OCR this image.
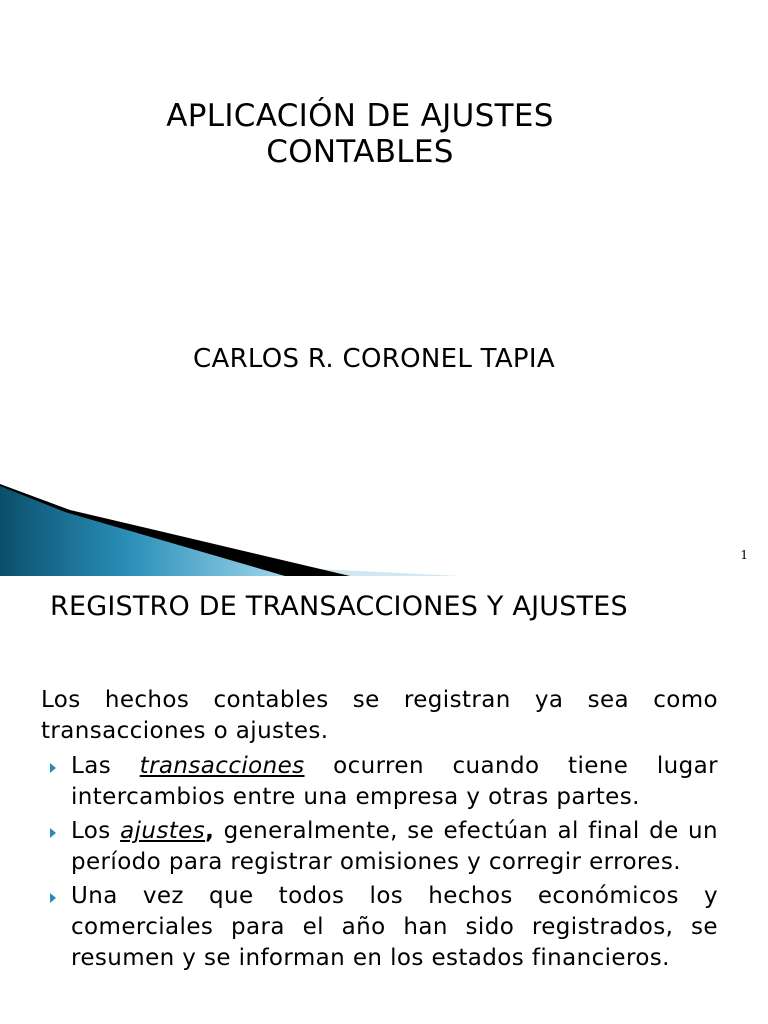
APLICACIÓN DE AJUSTES
CONTABLES
CARLOS R. CORONEL TAPIA
1
REGISTRO DE TRANSACCIONES Y AJUSTES
Los hechos contables se registran ya sea como transacciones o ajustes.
Las transacciones ocurren cuando tiene lugar intercambios entre una empresa y otras partes.
Los ajustes, generalmente, se efectúan al final de un período para registrar omisiones y corregir errores.
Una vez que todos los hechos económicos y comerciales para el año han sido registrados, se resumen y se informan en los estados financieros.
